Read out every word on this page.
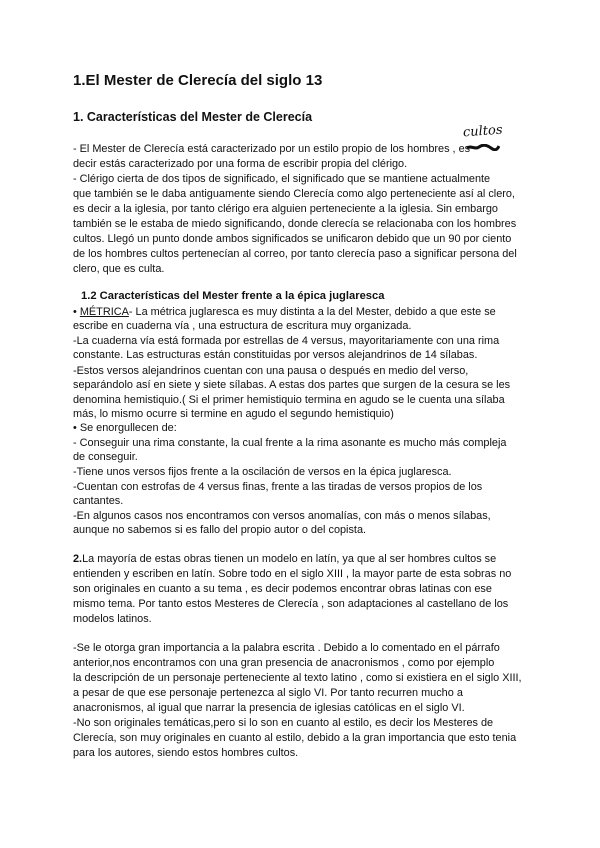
1.El Mester de Clerecía del siglo 13
1. Características del Mester de Clerecía
cultos
- El Mester de Clerecía está caracterizado por un estilo propio de los hombres , es
decir estás caracterizado por una forma de escribir propia del clérigo.
- Clérigo cierta de dos tipos de significado, el significado que se mantiene actualmente
que también se le daba antiguamente siendo Clerecía como algo perteneciente así al clero,
es decir a la iglesia, por tanto clérigo era alguien perteneciente a la iglesia. Sin embargo
también se le estaba de miedo significando, donde clerecía se relacionaba con los hombres
cultos. Llegó un punto donde ambos significados se unificaron debido que un 90 por ciento
de los hombres cultos pertenecían al correo, por tanto clerecía paso a significar persona del
clero, que es culta.
1.2 Características del Mester frente a la épica juglaresca
• MÉTRICA- La métrica juglaresca es muy distinta a la del Mester, debido a que este se
escribe en cuaderna vía , una estructura de escritura muy organizada.
-La cuaderna vía está formada por estrellas de 4 versus, mayoritariamente con una rima
constante. Las estructuras están constituidas por versos alejandrinos de 14 sílabas.
-Estos versos alejandrinos cuentan con una pausa o después en medio del verso,
separándolo así en siete y siete sílabas. A estas dos partes que surgen de la cesura se les
denomina hemistiquio.( Si el primer hemistiquio termina en agudo se le cuenta una sílaba
más, lo mismo ocurre si termine en agudo el segundo hemistiquio)
• Se enorgullecen de:
- Conseguir una rima constante, la cual frente a la rima asonante es mucho más compleja
de conseguir.
-Tiene unos versos fijos frente a la oscilación de versos en la épica juglaresca.
-Cuentan con estrofas de 4 versus finas, frente a las tiradas de versos propios de los
cantantes.
-En algunos casos nos encontramos con versos anomalías, con más o menos sílabas,
aunque no sabemos si es fallo del propio autor o del copista.
2.La mayoría de estas obras tienen un modelo en latín, ya que al ser hombres cultos se
entienden y escriben en latín. Sobre todo en el siglo XIII , la mayor parte de esta sobras no
son originales en cuanto a su tema , es decir podemos encontrar obras latinas con ese
mismo tema. Por tanto estos Mesteres de Clerecía , son adaptaciones al castellano de los
modelos latinos.
-Se le otorga gran importancia a la palabra escrita . Debido a lo comentado en el párrafo
anterior,nos encontramos con una gran presencia de anacronismos , como por ejemplo
la descripción de un personaje perteneciente al texto latino , como si existiera en el siglo XIII,
a pesar de que ese personaje pertenezca al siglo VI. Por tanto recurren mucho a
anacronismos, al igual que narrar la presencia de iglesias católicas en el siglo VI.
-No son originales temáticas,pero si lo son en cuanto al estilo, es decir los Mesteres de
Clerecía, son muy originales en cuanto al estilo, debido a la gran importancia que esto tenia
para los autores, siendo estos hombres cultos.
